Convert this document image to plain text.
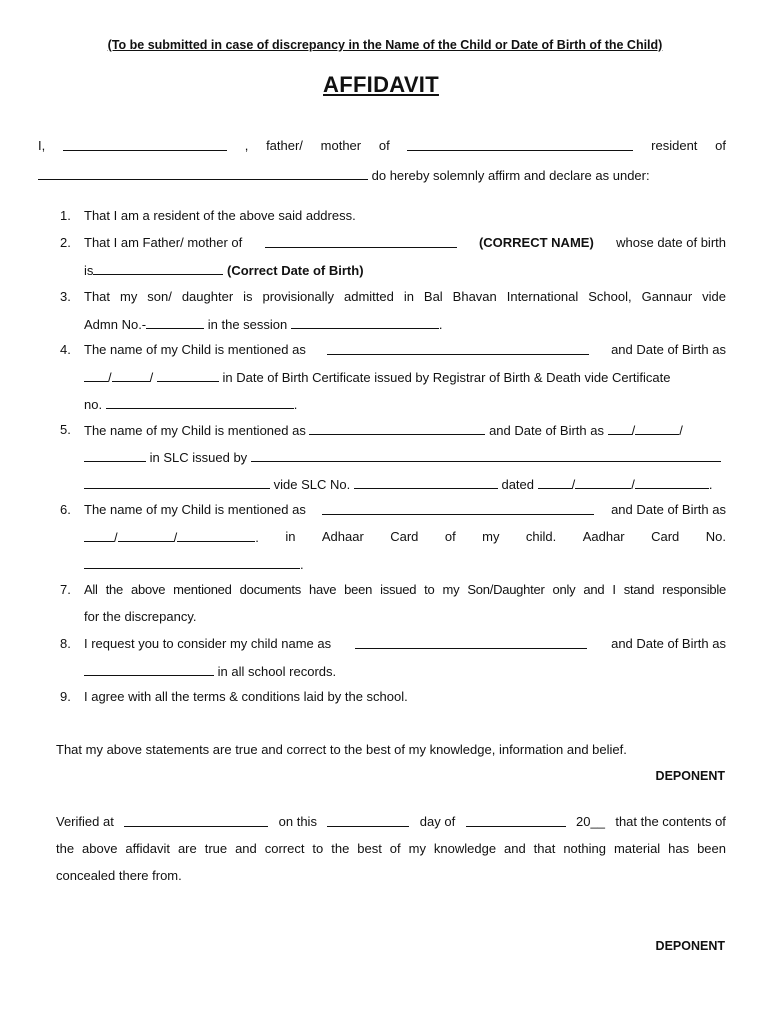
(To be submitted in case of discrepancy in the Name of the Child or Date of Birth of the Child)
AFFIDAVIT
I,	, father/ mother of	resident of
do hereby solemnly affirm and declare as under:
1.	That I am a resident of the above said address.
2.	That I am Father/ mother of	(CORRECT NAME) whose date of birth
is	(Correct Date of Birth)
3.	That my son/ daughter is provisionally admitted in Bal Bhavan International School, Gannaur vide
Admn No.-	in the session	.
4.	The name of my Child is mentioned as	and Date of Birth as
/	/	in Date of Birth Certificate issued by Registrar of Birth & Death vide Certificate
no.	.
5.	The name of my Child is mentioned as	and Date of Birth as /	/
in SLC issued by
vide SLC No.	dated	/	/	.
6.	The name of my Child is mentioned as	and Date of Birth as
/	/	. in Adhaar Card of my child. Aadhar Card No.
.
7.	All the above mentioned documents have been issued to my Son/Daughter only and I stand responsible
for the discrepancy.
8.	I request you to consider my child name as	and Date of Birth as
in all school records.
9.	I agree with all the terms & conditions laid by the school.
That my above statements are true and correct to the best of my knowledge, information and belief.
DEPONENT
Verified at	on this	day of	20__ that the contents of
the above affidavit are true and correct to the best of my knowledge and that nothing material has been
concealed there from.
DEPONENT
